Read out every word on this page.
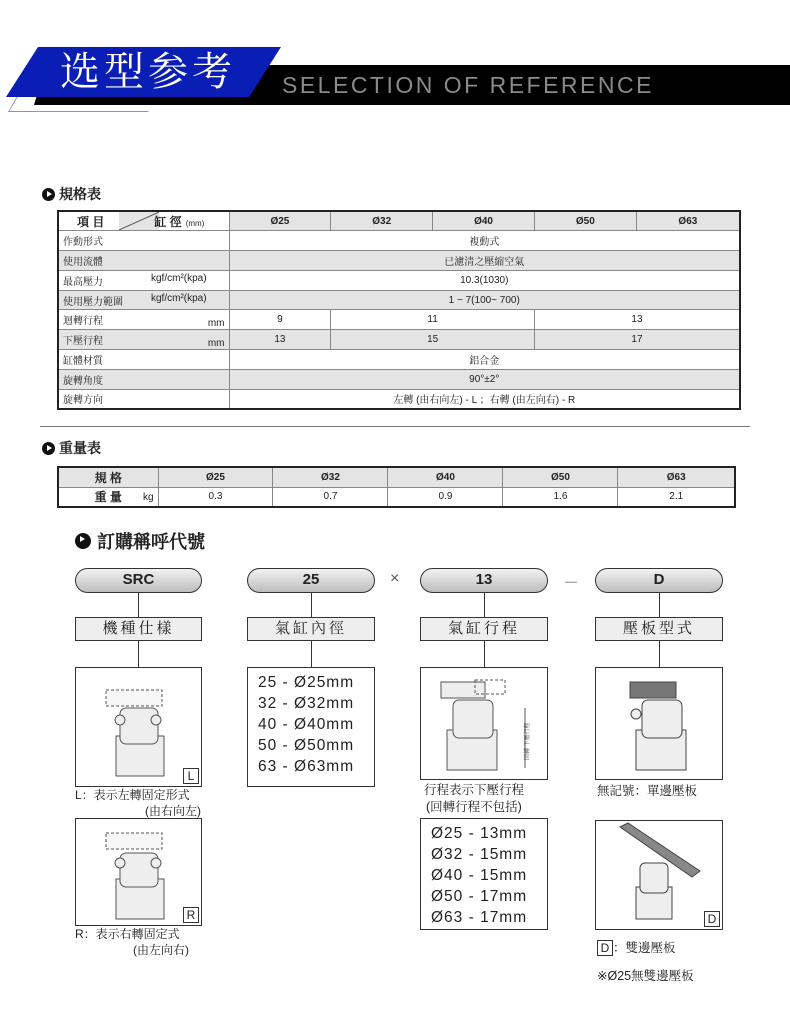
选型参考 SELECTION OF REFERENCE
規格表
項 目 缸 徑 (mm)	Ø25	Ø32	Ø40	Ø50	Ø63
作動形式	複動式				
使用流體	已濾清之壓縮空氣				
最高壓力 kgf/cm²(kpa)	10.3(1030)				
使用壓力範圍 kgf/cm²(kpa)	1 ~ 7(100~ 700)				
迴轉行程 mm	9	11		13	
下壓行程 mm	13	15		17	
缸體材質	鋁合金				
旋轉角度	90°±2°				
旋轉方向	左轉 (由右向左) - L ；右轉 (由左向右) - R				
重量表
規 格	Ø25	Ø32	Ø40	Ø50	Ø63
重 量 kg	0.3	0.7	0.9	1.6	2.1
訂購稱呼代號
SRC	25	13	D
×	－
機種仕樣	氣缸內徑	氣缸行程	壓板型式
L
L：表示左轉固定形式
(由右向左)
R
R：表示右轉固定式
(由左向右)
25 - Ø25mm
32 - Ø32mm
40 - Ø40mm
50 - Ø50mm
63 - Ø63mm
回轉 下壓行程
行程表示下壓行程
(回轉行程不包括)
Ø25 - 13mm
Ø32 - 15mm
Ø40 - 15mm
Ø50 - 17mm
Ø63 - 17mm
無記號：單邊壓板
D
D ：雙邊壓板
※Ø25無雙邊壓板
